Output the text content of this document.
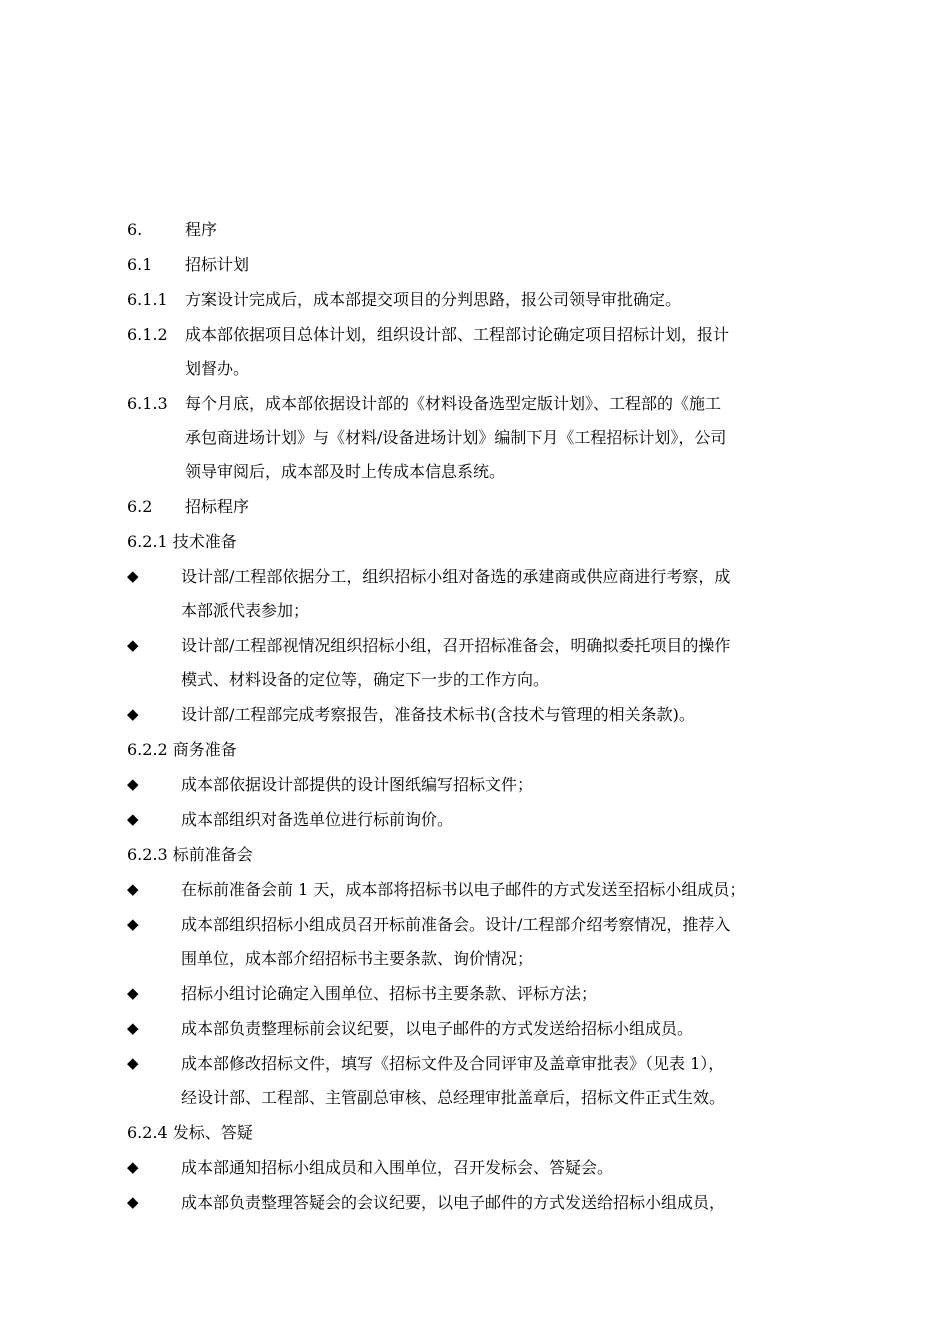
6.	程序
6.1 招标计划
6.1.1 方案设计完成后，成本部提交项目的分判思路，报公司领导审批确定。
6.1.2 成本部依据项目总体计划，组织设计部、工程部讨论确定项目招标计划，报计
划督办。
6.1.3 每个月底，成本部依据设计部的《材料设备选型定版计划》、工程部的《施工
承包商进场计划》与《材料/设备进场计划》编制下月《工程招标计划》，公司
领导审阅后，成本部及时上传成本信息系统。
6.2 招标程序
6.2.1 技术准备
◆	设计部/工程部依据分工，组织招标小组对备选的承建商或供应商进行考察，成
本部派代表参加；
◆	设计部/工程部视情况组织招标小组，召开招标准备会，明确拟委托项目的操作
模式、材料设备的定位等，确定下一步的工作方向。
◆	设计部/工程部完成考察报告，准备技术标书(含技术与管理的相关条款)。
6.2.2 商务准备
◆	成本部依据设计部提供的设计图纸编写招标文件；
◆	成本部组织对备选单位进行标前询价。
6.2.3 标前准备会
◆	在标前准备会前 1 天，成本部将招标书以电子邮件的方式发送至招标小组成员；
◆	成本部组织招标小组成员召开标前准备会。设计/工程部介绍考察情况，推荐入
围单位，成本部介绍招标书主要条款、询价情况；
◆	招标小组讨论确定入围单位、招标书主要条款、评标方法；
◆	成本部负责整理标前会议纪要，以电子邮件的方式发送给招标小组成员。
◆	成本部修改招标文件，填写《招标文件及合同评审及盖章审批表》（见表 1），
经设计部、工程部、主管副总审核、总经理审批盖章后，招标文件正式生效。
6.2.4 发标、答疑
◆	成本部通知招标小组成员和入围单位，召开发标会、答疑会。
◆	成本部负责整理答疑会的会议纪要，以电子邮件的方式发送给招标小组成员，
